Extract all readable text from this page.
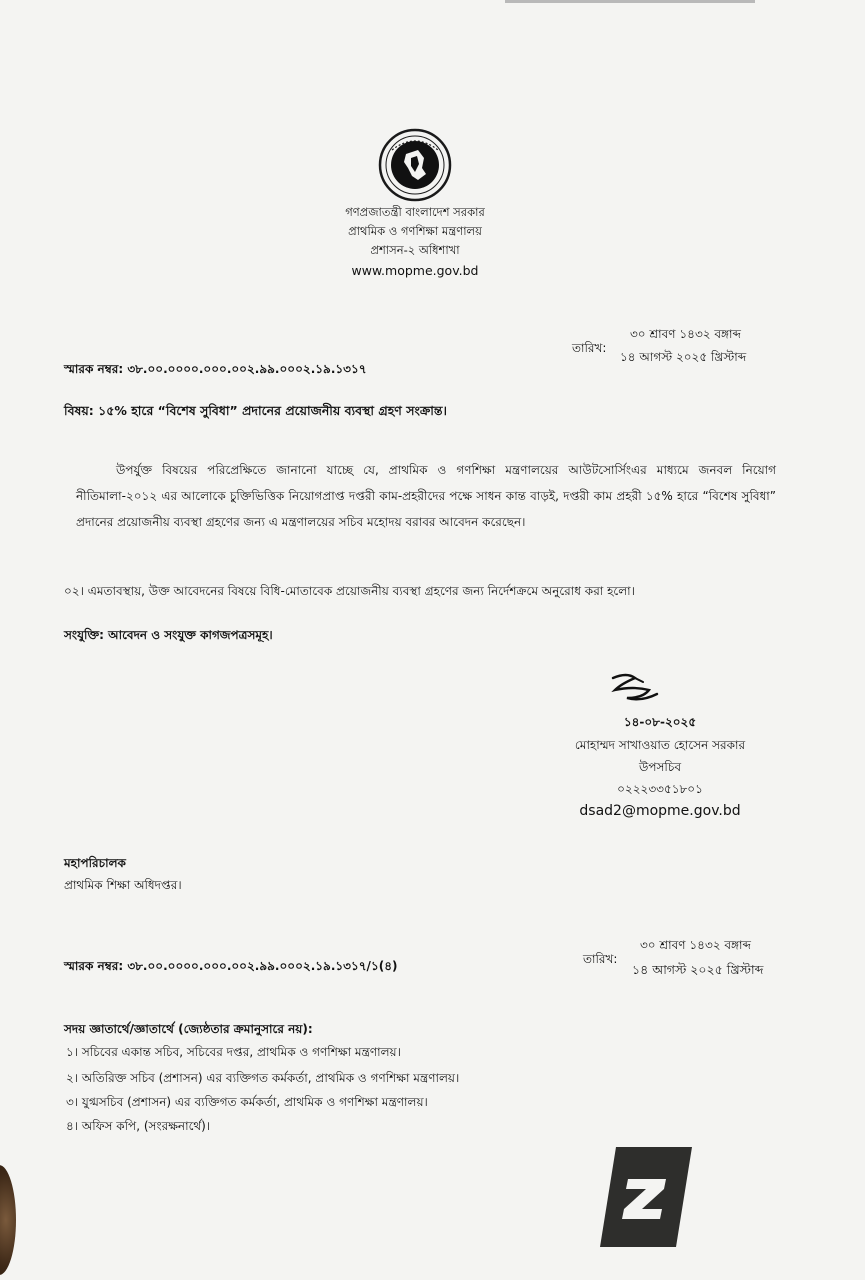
গণপ্রজাতন্ত্রী বাংলাদেশ সরকার
প্রাথমিক ও গণশিক্ষা মন্ত্রণালয়
প্রশাসন-২ অধিশাখা
www.mopme.gov.bd
৩০ শ্রাবণ ১৪৩২ বঙ্গাব্দ
তারিখ:
১৪ আগস্ট ২০২৫ খ্রিস্টাব্দ
স্মারক নম্বর: ৩৮.০০.০০০০.০০০.০০২.৯৯.০০০২.১৯.১৩১৭
বিষয়: ১৫% হারে “বিশেষ সুবিধা” প্রদানের প্রয়োজনীয় ব্যবস্থা গ্রহণ সংক্রান্ত।
উপর্যুক্ত বিষয়ের পরিপ্রেক্ষিতে জানানো যাচ্ছে যে, প্রাথমিক ও গণশিক্ষা মন্ত্রণালয়ের আউটসোর্সিংএর মাধ্যমে জনবল নিয়োগ নীতিমালা-২০১২ এর আলোকে চুক্তিভিত্তিক নিয়োগপ্রাপ্ত দপ্তরী কাম-প্রহরীদের পক্ষে সাধন কান্ত বাড়ই, দপ্তরী কাম প্রহরী ১৫% হারে “বিশেষ সুবিধা” প্রদানের প্রয়োজনীয় ব্যবস্থা গ্রহণের জন্য এ মন্ত্রণালয়ের সচিব মহোদয় বরাবর আবেদন করেছেন।
০২। এমতাবস্থায়, উক্ত আবেদনের বিষয়ে বিধি-মোতাবেক প্রয়োজনীয় ব্যবস্থা গ্রহণের জন্য নির্দেশক্রমে অনুরোধ করা হলো।
সংযুক্তি: আবেদন ও সংযুক্ত কাগজপত্রসমূহ।
১৪-০৮-২০২৫
মোহাম্মদ সাখাওয়াত হোসেন সরকার
উপসচিব
০২২২৩৩৫১৮০১
dsad2@mopme.gov.bd
মহাপরিচালক
প্রাথমিক শিক্ষা অধিদপ্তর।
৩০ শ্রাবণ ১৪৩২ বঙ্গাব্দ
তারিখ:
১৪ আগস্ট ২০২৫ খ্রিস্টাব্দ
স্মারক নম্বর: ৩৮.০০.০০০০.০০০.০০২.৯৯.০০০২.১৯.১৩১৭/১(৪)
সদয় জ্ঞাতার্থে/জ্ঞাতার্থে (জ্যেষ্ঠতার ক্রমানুসারে নয়):
১। সচিবের একান্ত সচিব, সচিবের দপ্তর, প্রাথমিক ও গণশিক্ষা মন্ত্রণালয়।
২। অতিরিক্ত সচিব (প্রশাসন) এর ব্যক্তিগত কর্মকর্তা, প্রাথমিক ও গণশিক্ষা মন্ত্রণালয়।
৩। যুগ্মসচিব (প্রশাসন) এর ব্যক্তিগত কর্মকর্তা, প্রাথমিক ও গণশিক্ষা মন্ত্রণালয়।
৪। অফিস কপি, (সংরক্ষনার্থে)।
